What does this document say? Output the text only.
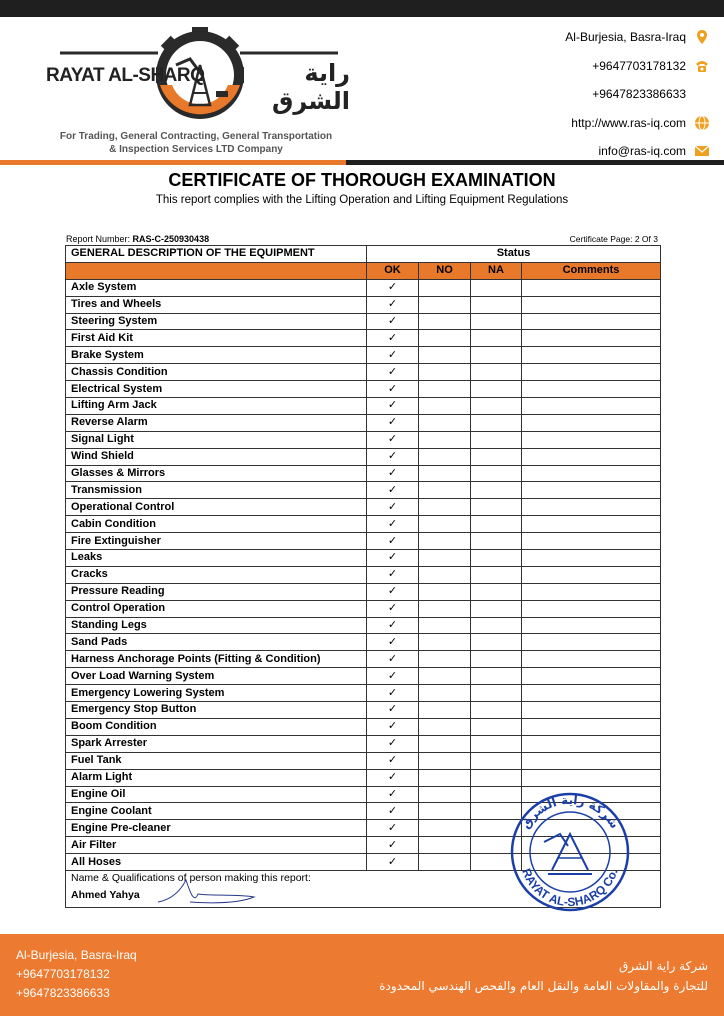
RAYAT AL-SHARQ	راية الشرق
For Trading, General Contracting, General Transportation
& Inspection Services LTD Company
Al-Burjesia, Basra-Iraq
+9647703178132
+9647823386633
http://www.ras-iq.com
info@ras-iq.com
CERTIFICATE OF THOROUGH EXAMINATION
This report complies with the Lifting Operation and Lifting Equipment Regulations
Report Number: RAS-C-250930438	Certificate Page: 2 Of 3
GENERAL DESCRIPTION OF THE EQUIPMENT	Status			
	OK	NO	NA	Comments
Axle System	✓			
Tires and Wheels	✓			
Steering System	✓			
First Aid Kit	✓			
Brake System	✓			
Chassis Condition	✓			
Electrical System	✓			
Lifting Arm Jack	✓			
Reverse Alarm	✓			
Signal Light	✓			
Wind Shield	✓			
Glasses & Mirrors	✓			
Transmission	✓			
Operational Control	✓			
Cabin Condition	✓			
Fire Extinguisher	✓			
Leaks	✓			
Cracks	✓			
Pressure Reading	✓			
Control Operation	✓			
Standing Legs	✓			
Sand Pads	✓			
Harness Anchorage Points (Fitting & Condition)	✓			
Over Load Warning System	✓			
Emergency Lowering System	✓			
Emergency Stop Button	✓			
Boom Condition	✓			
Spark Arrester	✓			
Fuel Tank	✓			
Alarm Light	✓			
Engine Oil	✓			
Engine Coolant	✓			
Engine Pre-cleaner	✓			
Air Filter	✓			
All Hoses	✓			

Name & Qualifications of person making this report:
Ahmed Yahya				
شركة راية الشرق
RAYAT AL-SHARQ Co.
Al-Burjesia, Basra-Iraq
+9647703178132
+9647823386633
شركة راية الشرق
للتجارة والمقاولات العامة والنقل العام والفحص الهندسي المحدودة
